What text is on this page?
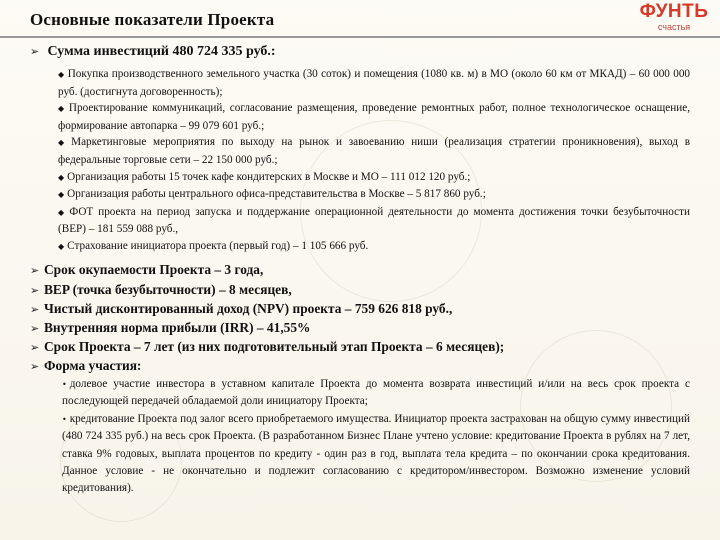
Основные показатели Проекта	ФУНТЬ
счастья
➢ Сумма инвестиций 480 724 335 руб.:

◆ Покупка производственного земельного участка (30 соток) и помещения (1080 кв. м) в МО (около 60 км от МКАД) – 60 000 000 руб. (достигнута договоренность);

◆ Проектирование коммуникаций, согласование размещения, проведение ремонтных работ, полное технологическое оснащение, формирование автопарка – 99 079 601 руб.;

◆ Маркетинговые мероприятия по выходу на рынок и завоеванию ниши (реализация стратегии проникновения), выход в федеральные торговые сети – 22 150 000 руб.;

◆ Организация работы 15 точек кафе кондитерских в Москве и МО – 111 012 120 руб.;

◆ Организация работы центрального офиса-представительства в Москве – 5 817 860 руб.;

◆ ФОТ проекта на период запуска и поддержание операционной деятельности до момента достижения точки безубыточности (BEP) – 181 559 088 руб.,

◆ Страхование инициатора проекта (первый год) – 1 105 666 руб.

➢ Срок окупаемости Проекта – 3 года,
➢ BEP (точка безубыточности) – 8 месяцев,
➢ Чистый дисконтированный доход (NPV) проекта – 759 626 818 руб.,
➢ Внутренняя норма прибыли (IRR) – 41,55%
➢ Срок Проекта – 7 лет (из них подготовительный этап Проекта – 6 месяцев);
➢ Форма участия:

• долевое участие инвестора в уставном капитале Проекта до момента возврата инвестиций и/или на весь срок проекта с последующей передачей обладаемой доли инициатору Проекта;

• кредитование Проекта под залог всего приобретаемого имущества. Инициатор проекта застрахован на общую сумму инвестиций (480 724 335 руб.) на весь срок Проекта. (В разработанном Бизнес Плане учтено условие: кредитование Проекта в рублях на 7 лет, ставка 9% годовых, выплата процентов по кредиту - один раз в год, выплата тела кредита – по окончании срока кредитования. Данное условие - не окончательно и подлежит согласованию с кредитором/инвестором. Возможно изменение условий кредитования).
